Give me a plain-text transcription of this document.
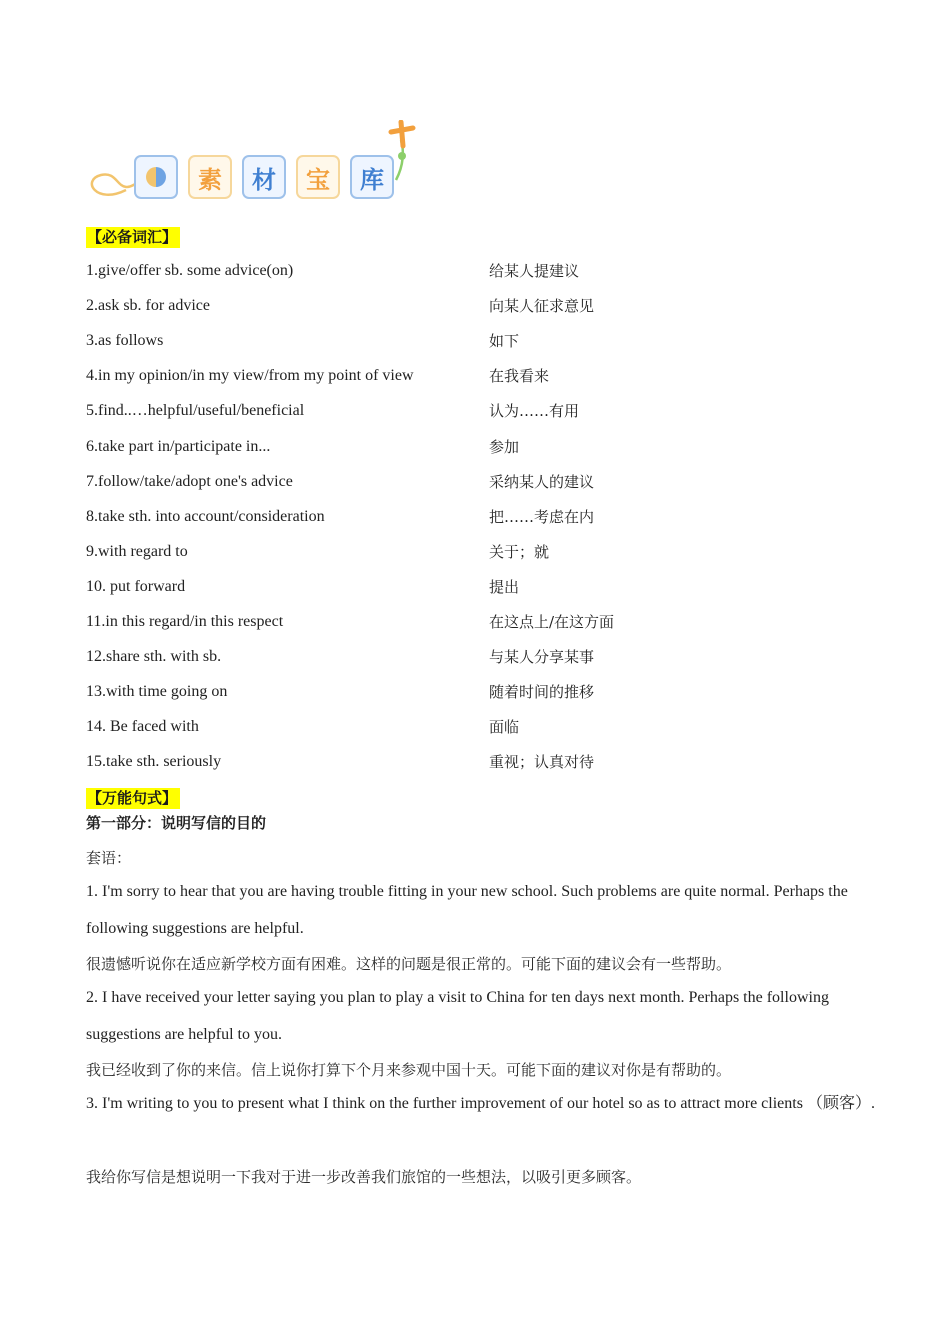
素	材	宝	库
【必备词汇】
1.give/offer sb. some advice(on)	给某人提建议
2.ask sb. for advice	向某人征求意见
3.as follows	如下
4.in my opinion/in my view/from my point of view	在我看来
5.find..…helpful/useful/beneficial	认为……有用
6.take part in/participate in...	参加
7.follow/take/adopt one's advice	采纳某人的建议
8.take sth. into account/consideration	把……考虑在内
9.with regard to	关于；就
10. put forward	提出
11.in this regard/in this respect	在这点上/在这方面
12.share sth. with sb.	与某人分享某事
13.with time going on	随着时间的推移
14. Be faced with	面临
15.take sth. seriously	重视；认真对待
【万能句式】
第一部分：说明写信的目的
套语：
1. I'm sorry to hear that you are having trouble fitting in your new school. Such problems are quite normal. Perhaps the following suggestions are helpful.
很遗憾听说你在适应新学校方面有困难。这样的问题是很正常的。可能下面的建议会有一些帮助。
2. I have received your letter saying you plan to play a visit to China for ten days next month. Perhaps the following suggestions are helpful to you.
我已经收到了你的来信。信上说你打算下个月来参观中国十天。可能下面的建议对你是有帮助的。
3. I'm writing to you to present what I think on the further improvement of our hotel so as to attract more clients （顾客）.
我给你写信是想说明一下我对于进一步改善我们旅馆的一些想法，以吸引更多顾客。
